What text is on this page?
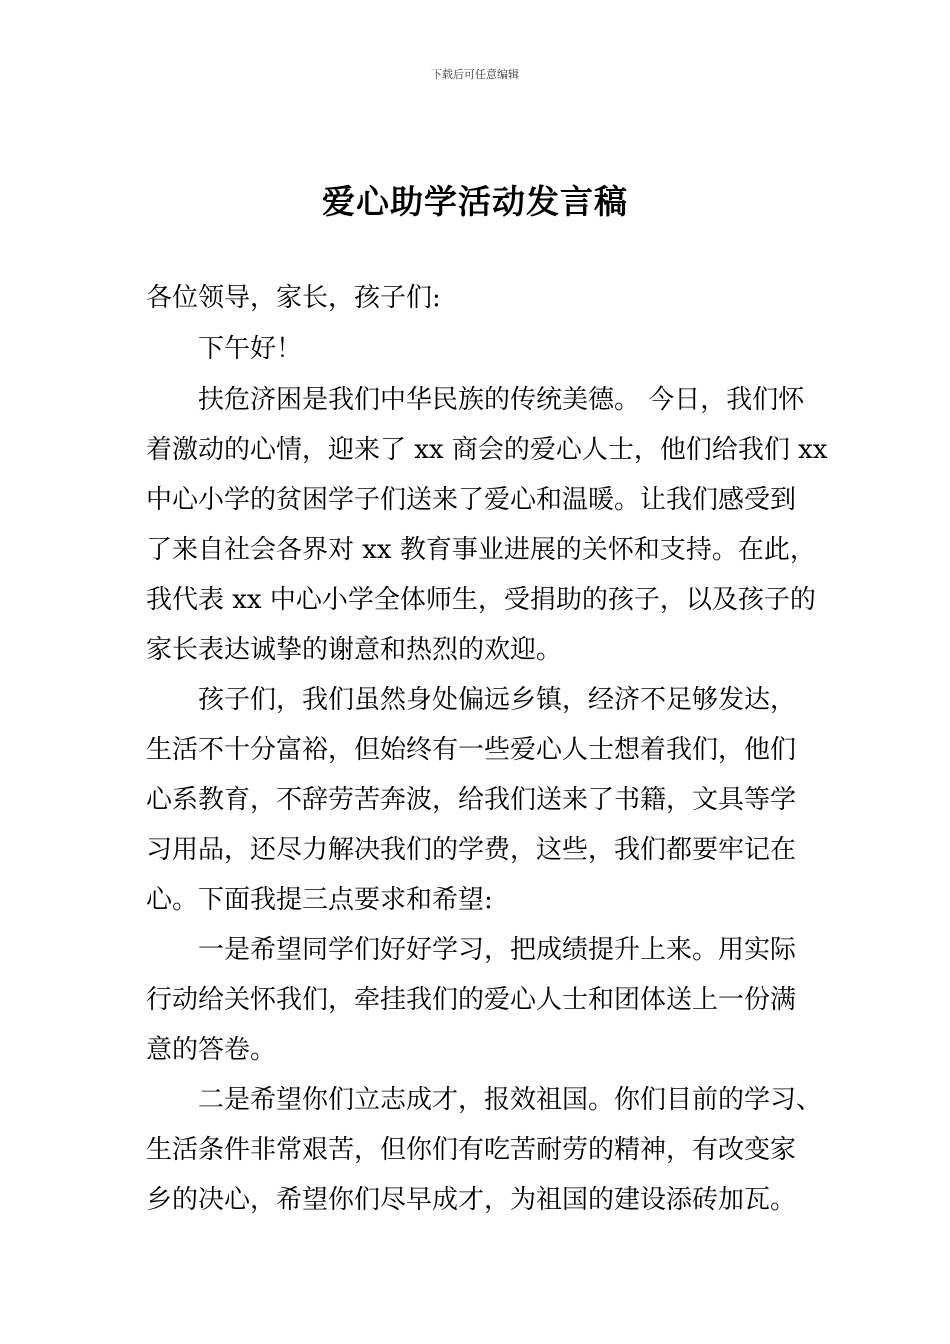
下载后可任意编辑
爱心助学活动发言稿
各位领导，家长，孩子们:
下午好！
扶危济困是我们中华民族的传统美德。 今日，我们怀
着激动的心情，迎来了 xx 商会的爱心人士，他们给我们 xx
中心小学的贫困学子们送来了爱心和温暖。让我们感受到
了来自社会各界对 xx 教育事业进展的关怀和支持。在此，
我代表 xx 中心小学全体师生，受捐助的孩子，以及孩子的
家长表达诚挚的谢意和热烈的欢迎。
孩子们，我们虽然身处偏远乡镇，经济不足够发达，
生活不十分富裕，但始终有一些爱心人士想着我们，他们
心系教育，不辞劳苦奔波，给我们送来了书籍，文具等学
习用品，还尽力解决我们的学费，这些，我们都要牢记在
心。下面我提三点要求和希望:
一是希望同学们好好学习，把成绩提升上来。用实际
行动给关怀我们，牵挂我们的爱心人士和团体送上一份满
意的答卷。
二是希望你们立志成才，报效祖国。你们目前的学习、
生活条件非常艰苦，但你们有吃苦耐劳的精神，有改变家
乡的决心，希望你们尽早成才，为祖国的建设添砖加瓦。
